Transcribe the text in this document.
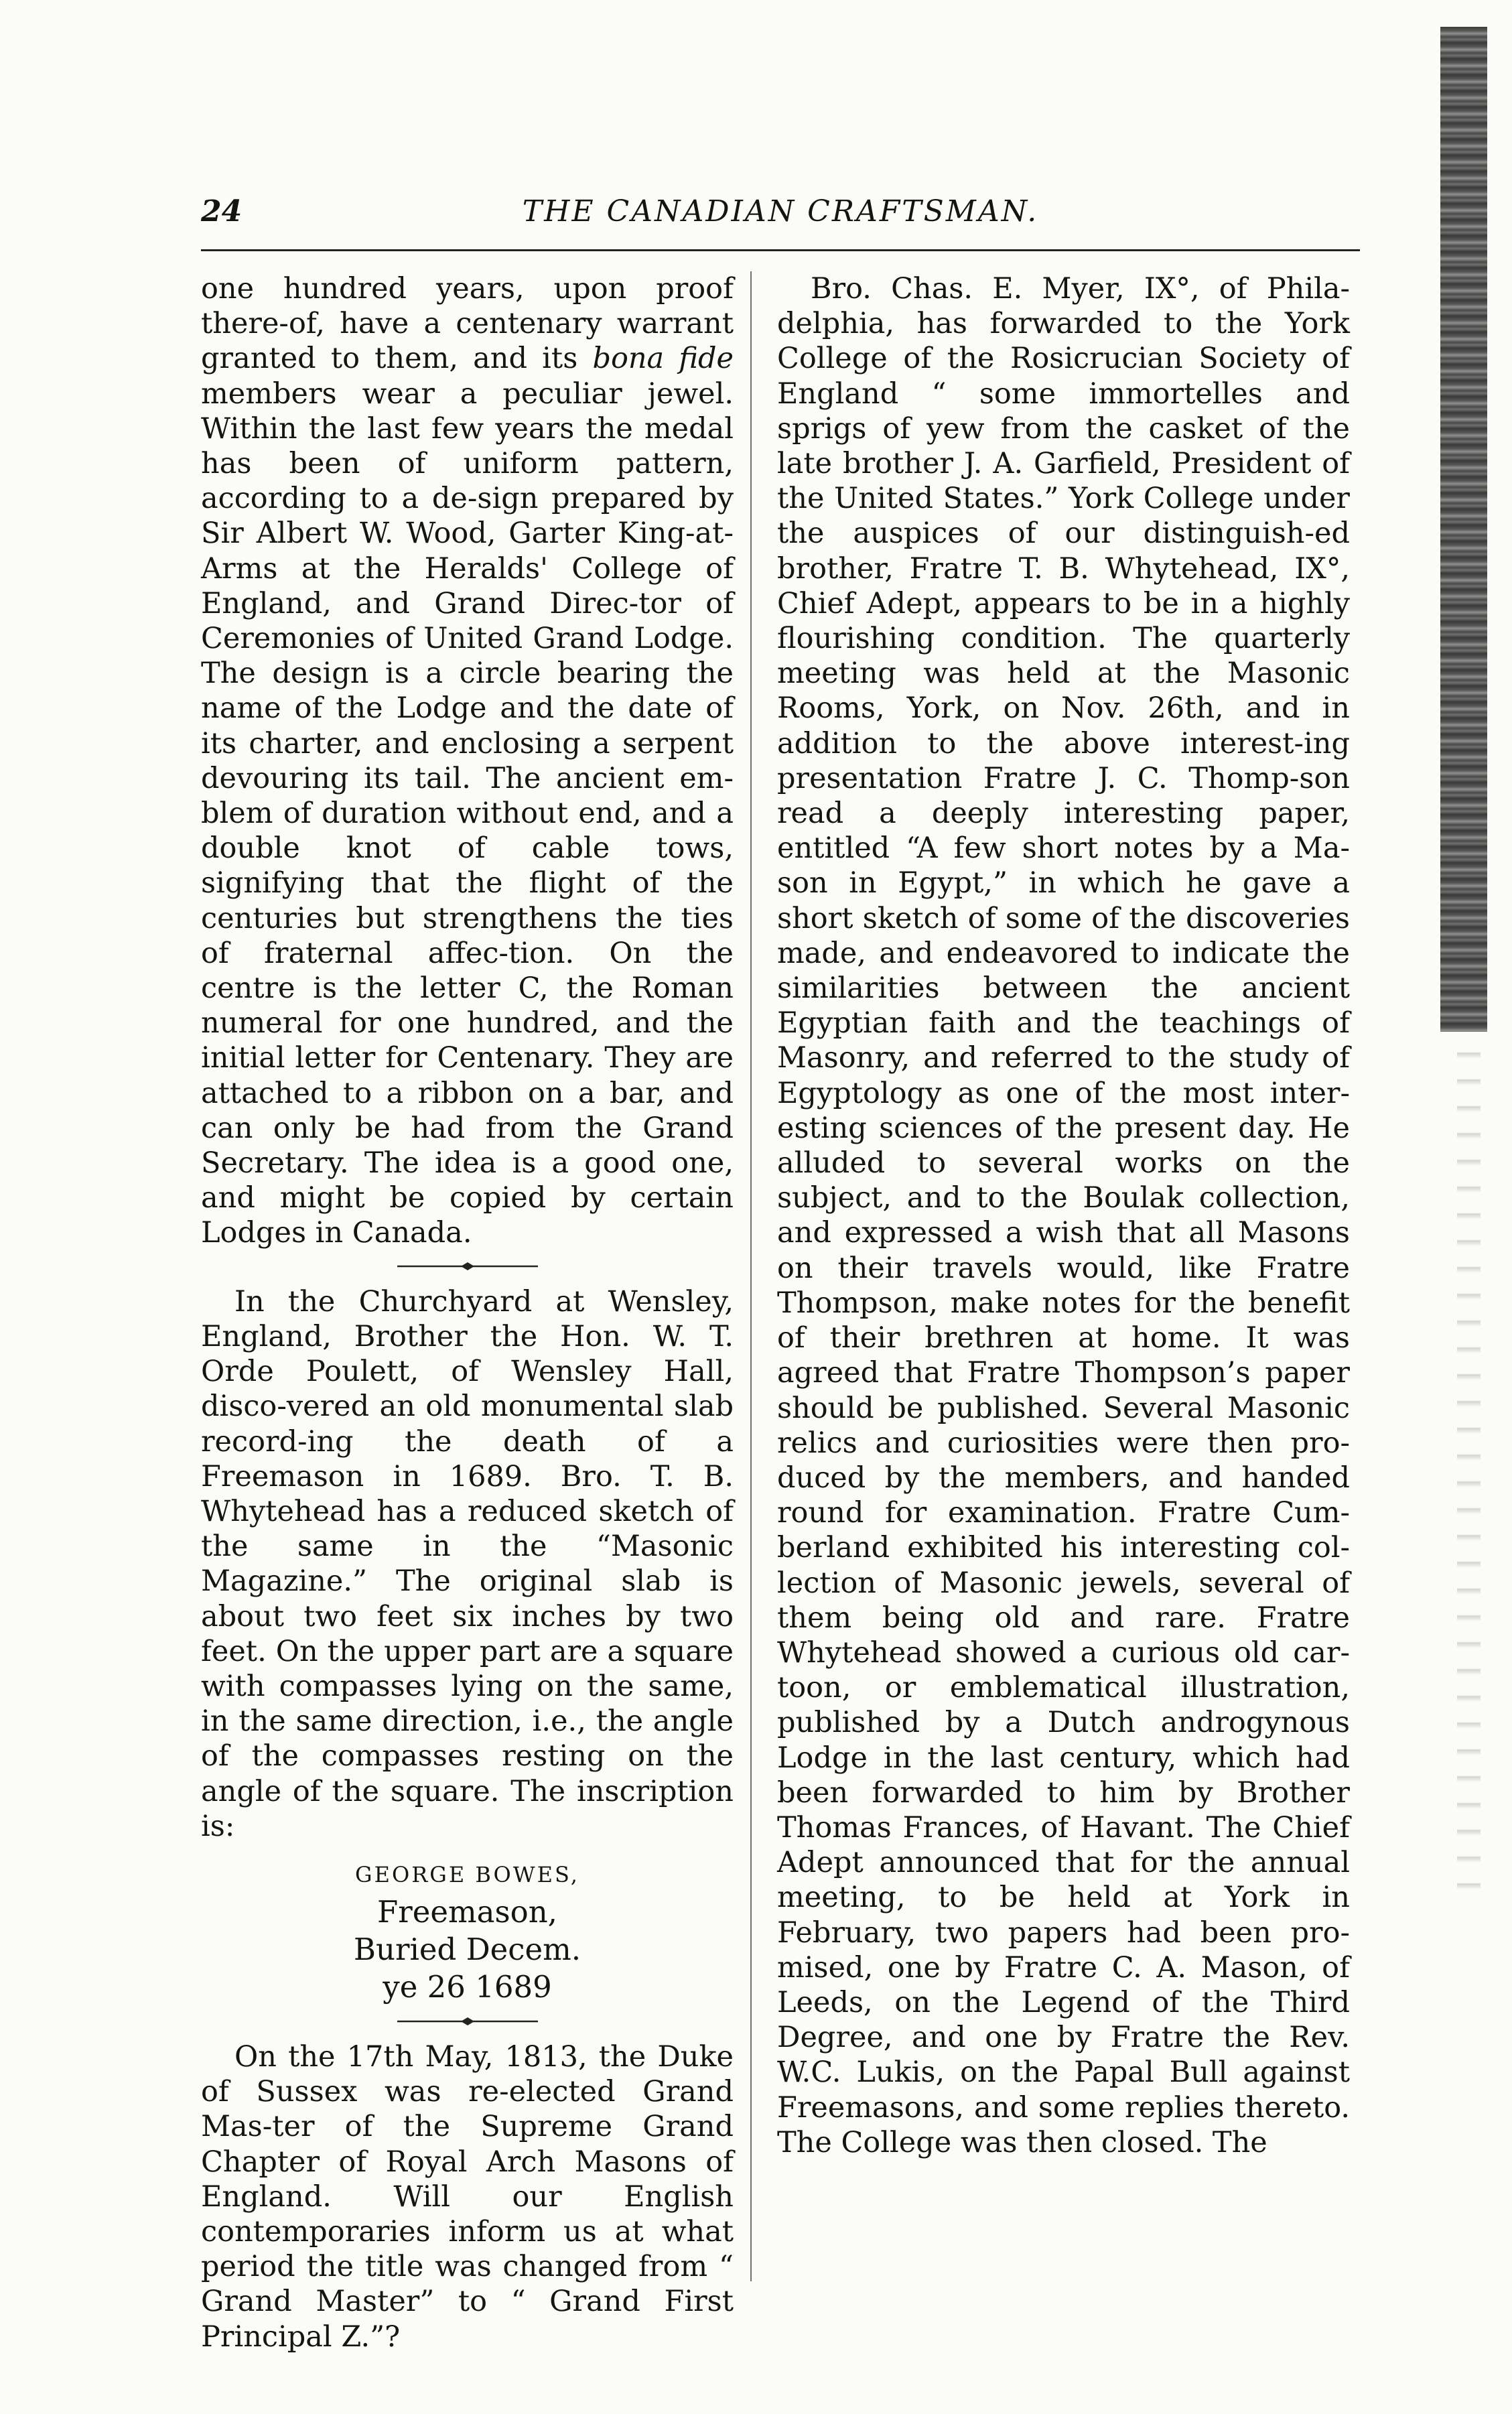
24	THE CANADIAN CRAFTSMAN.

one hundred years, upon proof there-of, have a centenary warrant granted to them, and its bona fide members wear a peculiar jewel. Within the last few years the medal has been of uniform pattern, according to a de-sign prepared by Sir Albert W. Wood, Garter King-at-Arms at the Heralds' College of England, and Grand Direc-tor of Ceremonies of United Grand Lodge. The design is a circle bearing the name of the Lodge and the date of its charter, and enclosing a serpent devouring its tail. The ancient em-blem of duration without end, and a double knot of cable tows, signifying that the flight of the centuries but strengthens the ties of fraternal affec-tion. On the centre is the letter C, the Roman numeral for one hundred, and the initial letter for Centenary. They are attached to a ribbon on a bar, and can only be had from the Grand Secretary. The idea is a good one, and might be copied by certain Lodges in Canada.

In the Churchyard at Wensley, England, Brother the Hon. W. T. Orde Poulett, of Wensley Hall, disco-vered an old monumental slab record-ing the death of a Freemason in 1689. Bro. T. B. Whytehead has a reduced sketch of the same in the “Masonic Magazine.” The original slab is about two feet six inches by two feet. On the upper part are a square with compasses lying on the same, in the same direction, i.e., the angle of the compasses resting on the angle of the square. The inscription is:

GEORGE BOWES,
Freemason,
Buried Decem.
ye 26 1689

On the 17th May, 1813, the Duke of Sussex was re-elected Grand Mas-ter of the Supreme Grand Chapter of Royal Arch Masons of England. Will our English contemporaries inform us at what period the title was changed from “ Grand Master” to “ Grand First Principal Z.”?

Bro. Chas. E. Myer, IX°, of Phila-delphia, has forwarded to the York College of the Rosicrucian Society of England “ some immortelles and sprigs of yew from the casket of the late brother J. A. Garfield, President of the United States.” York College under the auspices of our distinguish-ed brother, Fratre T. B. Whytehead, IX°, Chief Adept, appears to be in a highly flourishing condition. The quarterly meeting was held at the Masonic Rooms, York, on Nov. 26th, and in addition to the above interest-ing presentation Fratre J. C. Thomp-son read a deeply interesting paper, entitled “A few short notes by a Ma-son in Egypt,” in which he gave a short sketch of some of the discoveries made, and endeavored to indicate the similarities between the ancient Egyptian faith and the teachings of Masonry, and referred to the study of Egyptology as one of the most inter-esting sciences of the present day. He alluded to several works on the subject, and to the Boulak collection, and expressed a wish that all Masons on their travels would, like Fratre Thompson, make notes for the benefit of their brethren at home. It was agreed that Fratre Thompson’s paper should be published. Several Masonic relics and curiosities were then pro-duced by the members, and handed round for examination. Fratre Cum-berland exhibited his interesting col-lection of Masonic jewels, several of them being old and rare. Fratre Whytehead showed a curious old car-toon, or emblematical illustration, published by a Dutch androgynous Lodge in the last century, which had been forwarded to him by Brother Thomas Frances, of Havant. The Chief Adept announced that for the annual meeting, to be held at York in February, two papers had been pro-mised, one by Fratre C. A. Mason, of Leeds, on the Legend of the Third Degree, and one by Fratre the Rev. W.C. Lukis, on the Papal Bull against Freemasons, and some replies thereto. The College was then closed. The
